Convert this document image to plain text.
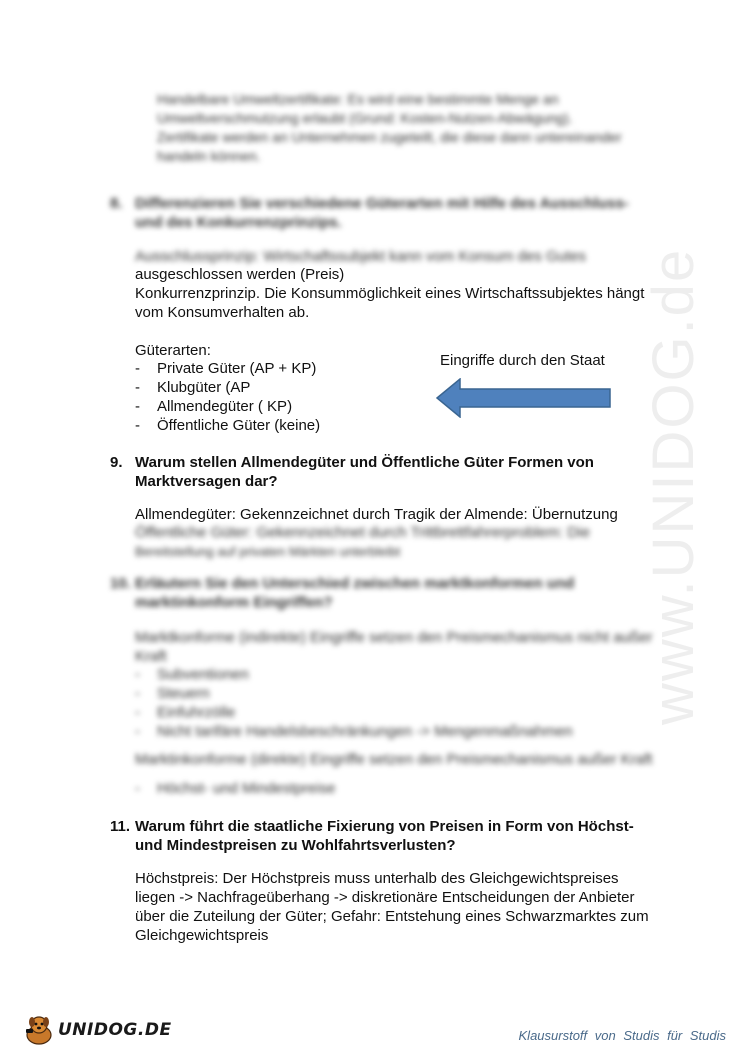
www.UNIDOG.de
Handelbare Umweltzertifikate: Es wird eine bestimmte Menge an
Umweltverschmutzung erlaubt (Grund: Kosten-Nutzen-Abwägung).
Zertifikate werden an Unternehmen zugeteilt, die diese dann untereinander
handeln können.
8. Differenzieren Sie verschiedene Güterarten mit Hilfe des Ausschluss-
und des Konkurrenzprinzips.
Ausschlussprinzip: Wirtschaftssubjekt kann vom Konsum des Gutes
ausgeschlossen werden (Preis)
Konkurrenzprinzip. Die Konsummöglichkeit eines Wirtschaftssubjektes hängt
vom Konsumverhalten ab.
Güterarten:
- Private Güter (AP + KP)
- Klubgüter (AP
- Allmendegüter ( KP)
- Öffentliche Güter (keine)
Eingriffe durch den Staat
9. Warum stellen Allmendegüter und Öffentliche Güter Formen von
Marktversagen dar?
Allmendegüter: Gekennzeichnet durch Tragik der Almende: Übernutzung
Öffentliche Güter: Gekennzeichnet durch Trittbrettfahrerproblem: Die
Bereitstellung auf privaten Märkten unterbleibt
10. Erläutern Sie den Unterschied zwischen marktkonformen und
marktinkonform Eingriffen?
Marktkonforme (indirekte) Eingriffe setzen den Preismechanismus nicht außer
Kraft
- Subventionen
- Steuern
- Einfuhrzölle
- Nicht tarifäre Handelsbeschränkungen -> Mengenmaßnahmen
Marktinkonforme (direkte) Eingriffe setzen den Preismechanismus außer Kraft
- Höchst- und Mindestpreise
11. Warum führt die staatliche Fixierung von Preisen in Form von Höchst-
und Mindestpreisen zu Wohlfahrtsverlusten?
Höchstpreis: Der Höchstpreis muss unterhalb des Gleichgewichtspreises
liegen -> Nachfrageüberhang -> diskretionäre Entscheidungen der Anbieter
über die Zuteilung der Güter; Gefahr: Entstehung eines Schwarzmarktes zum
Gleichgewichtspreis
UNIDOG.DE	Klausurstoff von Studis für Studis
